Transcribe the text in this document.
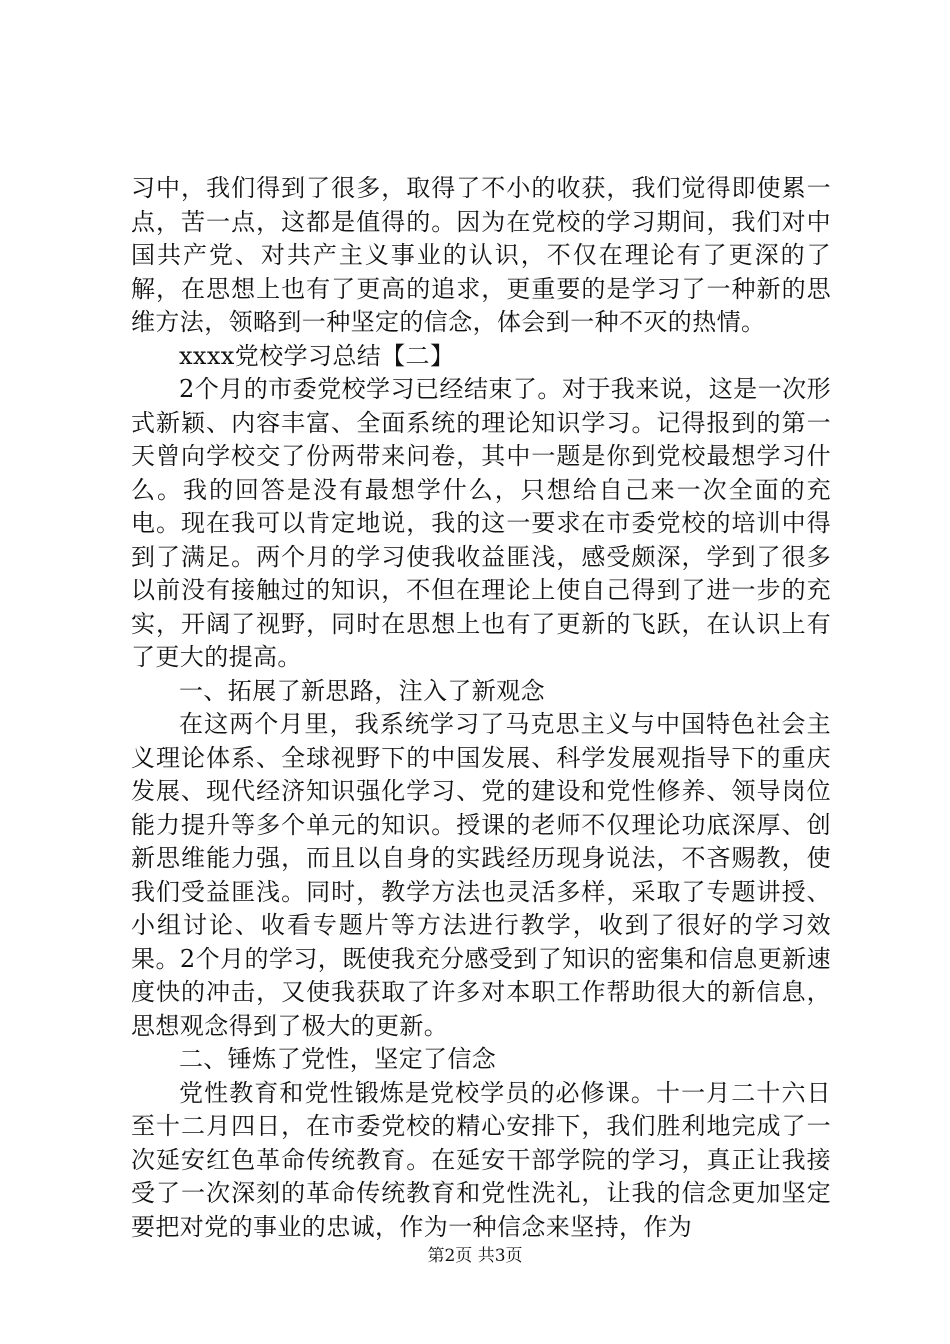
习中，我们得到了很多，取得了不小的收获，我们觉得即使累一点，苦一点，这都是值得的。因为在党校的学习期间，我们对中国共产党、对共产主义事业的认识，不仅在理论有了更深的了解，在思想上也有了更高的追求，更重要的是学习了一种新的思维方法，领略到一种坚定的信念，体会到一种不灭的热情。

xxxx党校学习总结【二】

2个月的市委党校学习已经结束了。对于我来说，这是一次形式新颖、内容丰富、全面系统的理论知识学习。记得报到的第一天曾向学校交了份两带来问卷，其中一题是你到党校最想学习什么。我的回答是没有最想学什么，只想给自己来一次全面的充电。现在我可以肯定地说，我的这一要求在市委党校的培训中得到了满足。两个月的学习使我收益匪浅，感受颇深，学到了很多以前没有接触过的知识，不但在理论上使自己得到了进一步的充实，开阔了视野，同时在思想上也有了更新的飞跃，在认识上有了更大的提高。

一、拓展了新思路，注入了新观念

在这两个月里，我系统学习了马克思主义与中国特色社会主义理论体系、全球视野下的中国发展、科学发展观指导下的重庆发展、现代经济知识强化学习、党的建设和党性修养、领导岗位能力提升等多个单元的知识。授课的老师不仅理论功底深厚、创新思维能力强，而且以自身的实践经历现身说法，不吝赐教，使我们受益匪浅。同时，教学方法也灵活多样，采取了专题讲授、小组讨论、收看专题片等方法进行教学，收到了很好的学习效果。2个月的学习，既使我充分感受到了知识的密集和信息更新速度快的冲击，又使我获取了许多对本职工作帮助很大的新信息，思想观念得到了极大的更新。

二、锤炼了党性，坚定了信念

党性教育和党性锻炼是党校学员的必修课。十一月二十六日至十二月四日，在市委党校的精心安排下，我们胜利地完成了一次延安红色革命传统教育。在延安干部学院的学习，真正让我接受了一次深刻的革命传统教育和党性洗礼，让我的信念更加坚定要把对党的事业的忠诚，作为一种信念来坚持，作为

第2页 共3页
